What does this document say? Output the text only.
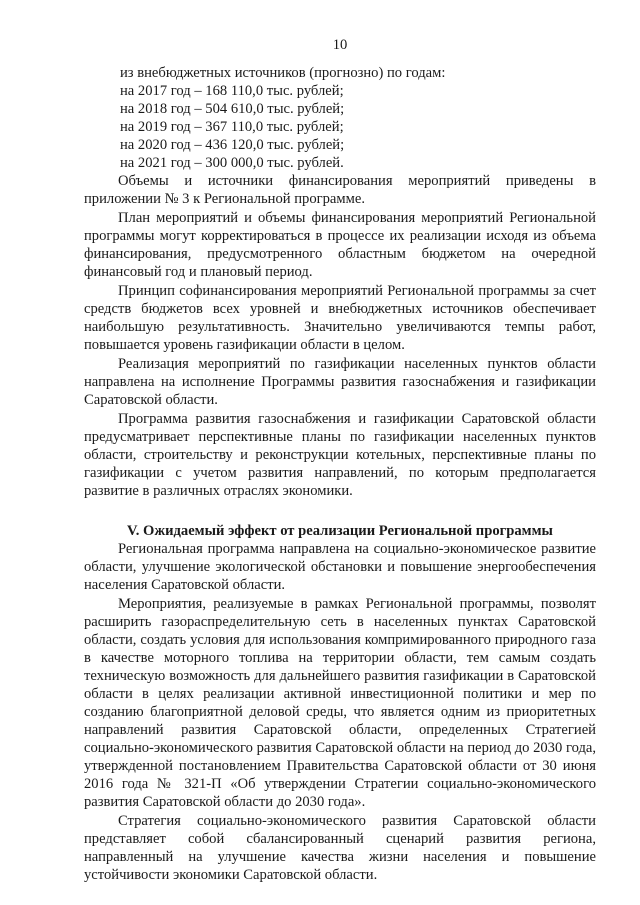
10

из внебюджетных источников (прогнозно) по годам:

на 2017 год – 168 110,0 тыс. рублей;

на 2018 год – 504 610,0 тыс. рублей;

на 2019 год – 367 110,0 тыс. рублей;

на 2020 год – 436 120,0 тыс. рублей;

на 2021 год – 300 000,0 тыс. рублей.

Объемы и источники финансирования мероприятий приведены в приложении № 3 к Региональной программе.

План мероприятий и объемы финансирования мероприятий Региональной программы могут корректироваться в процессе их реализации исходя из объема финансирования, предусмотренного областным бюджетом на очередной финансовый год и плановый период.

Принцип софинансирования мероприятий Региональной программы за счет средств бюджетов всех уровней и внебюджетных источников обеспечивает наибольшую результативность. Значительно увеличиваются темпы работ, повышается уровень газификации области в целом.

Реализация мероприятий по газификации населенных пунктов области направлена на исполнение Программы развития газоснабжения и газификации Саратовской области.

Программа развития газоснабжения и газификации Саратовской области предусматривает перспективные планы по газификации населенных пунктов области, строительству и реконструкции котельных, перспективные планы по газификации с учетом развития направлений, по которым предполагается развитие в различных отраслях экономики.

V. Ожидаемый эффект от реализации Региональной программы

Региональная программа направлена на социально-экономическое развитие области, улучшение экологической обстановки и повышение энергообеспечения населения Саратовской области.

Мероприятия, реализуемые в рамках Региональной программы, позволят расширить газораспределительную сеть в населенных пунктах Саратовской области, создать условия для использования компримированного природного газа в качестве моторного топлива на территории области, тем самым создать техническую возможность для дальнейшего развития газификации в Саратовской области в целях реализации активной инвестиционной политики и мер по созданию благоприятной деловой среды, что является одним из приоритетных направлений развития Саратовской области, определенных Стратегией социально-экономического развития Саратовской области на период до 2030 года, утвержденной постановлением Правительства Саратовской области от 30 июня 2016 года № 321-П «Об утверждении Стратегии социально-экономического развития Саратовской области до 2030 года».

Стратегия социально-экономического развития Саратовской области представляет собой сбалансированный сценарий развития региона, направленный на улучшение качества жизни населения и повышение устойчивости экономики Саратовской области.
